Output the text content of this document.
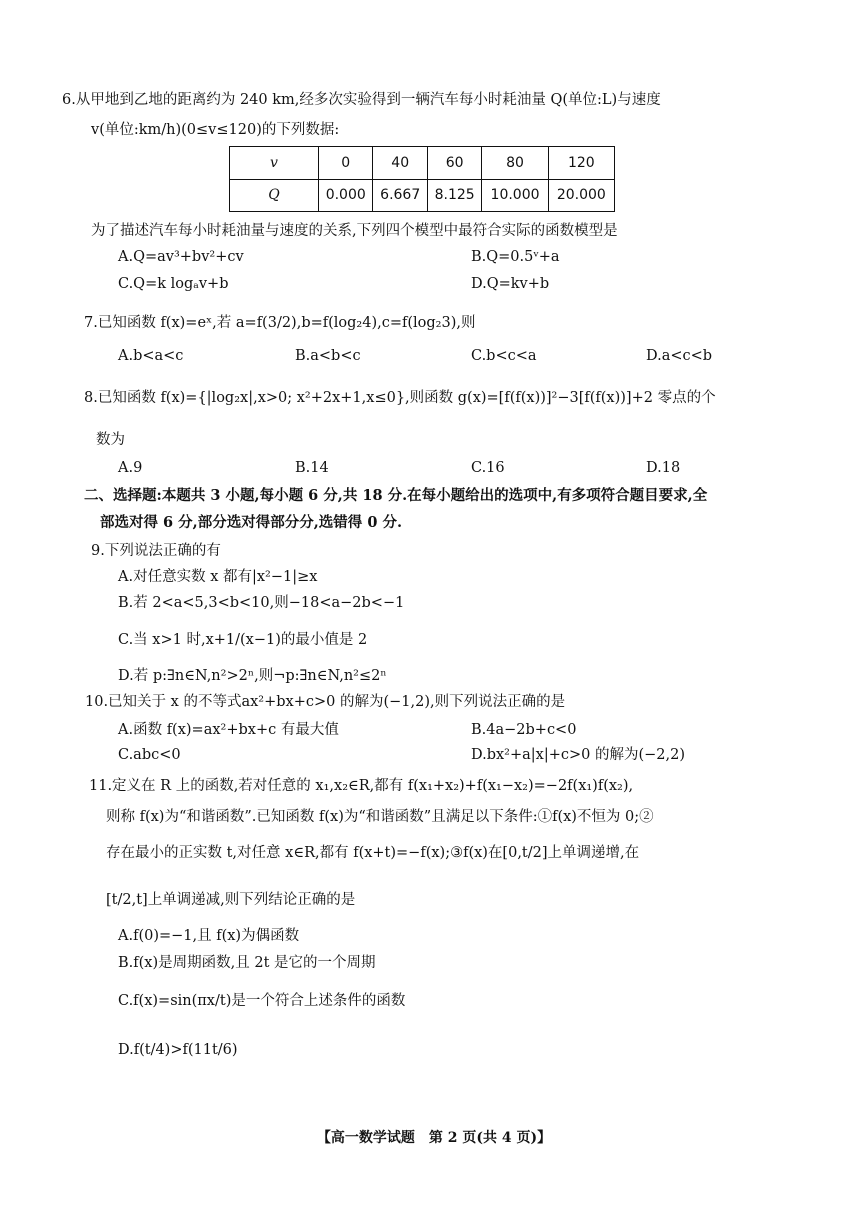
6.从甲地到乙地的距离约为 240 km,经多次实验得到一辆汽车每小时耗油量 Q(单位:L)与速度
v(单位:km/h)(0≤v≤120)的下列数据:
v	0	40	60	80	120
Q	0.000	6.667	8.125	10.000	20.000
为了描述汽车每小时耗油量与速度的关系,下列四个模型中最符合实际的函数模型是
A.Q=av³+bv²+cv	B.Q=0.5ᵛ+a
C.Q=k logₐv+b	D.Q=kv+b
7.已知函数 f(x)=eˣ,若 a=f(3/2),b=f(log₂4),c=f(log₂3),则
A.b<a<c	B.a<b<c	C.b<c<a	D.a<c<b
8.已知函数 f(x)={|log₂x|,x>0; x²+2x+1,x≤0},则函数 g(x)=[f(f(x))]²−3[f(f(x))]+2 零点的个
数为
A.9	B.14	C.16	D.18
二、选择题:本题共 3 小题,每小题 6 分,共 18 分.在每小题给出的选项中,有多项符合题目要求,全
部选对得 6 分,部分选对得部分分,选错得 0 分.
9.下列说法正确的有
A.对任意实数 x 都有|x²−1|≥x
B.若 2<a<5,3<b<10,则−18<a−2b<−1
C.当 x>1 时,x+1/(x−1)的最小值是 2
D.若 p:∃n∈N,n²>2ⁿ,则¬p:∃n∈N,n²≤2ⁿ
10.已知关于 x 的不等式ax²+bx+c>0 的解为(−1,2),则下列说法正确的是
A.函数 f(x)=ax²+bx+c 有最大值	B.4a−2b+c<0
C.abc<0	D.bx²+a|x|+c>0 的解为(−2,2)
11.定义在 R 上的函数,若对任意的 x₁,x₂∈R,都有 f(x₁+x₂)+f(x₁−x₂)=−2f(x₁)f(x₂),
则称 f(x)为“和谐函数”.已知函数 f(x)为“和谐函数”且满足以下条件:①f(x)不恒为 0;②
存在最小的正实数 t,对任意 x∈R,都有 f(x+t)=−f(x);③f(x)在[0,t/2]上单调递增,在
[t/2,t]上单调递减,则下列结论正确的是
A.f(0)=−1,且 f(x)为偶函数
B.f(x)是周期函数,且 2t 是它的一个周期
C.f(x)=sin(πx/t)是一个符合上述条件的函数
D.f(t/4)>f(11t/6)
【高一数学试题　第 2 页(共 4 页)】
